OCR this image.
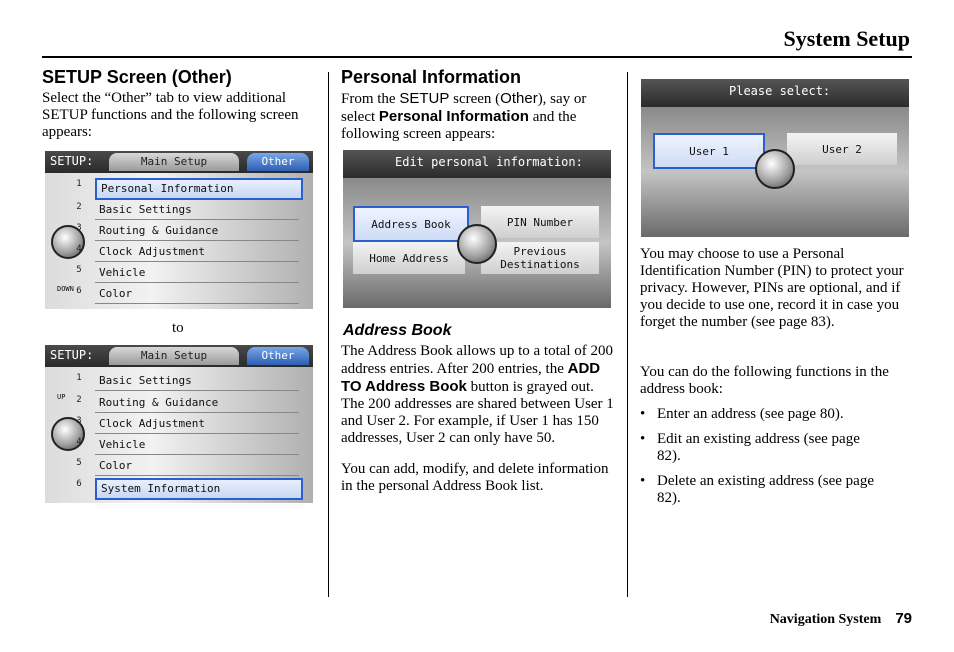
System Setup
SETUP Screen (Other)
Select the “Other” tab to view additional SETUP functions and the following screen appears:
SETUP:	Main Setup	Other
DOWN
1	Personal Information
2	Basic Settings
3	Routing & Guidance
4	Clock Adjustment
5	Vehicle
6	Color
to
SETUP:	Main Setup	Other
UP
1	Basic Settings
2	Routing & Guidance
3	Clock Adjustment
4	Vehicle
5	Color
6	System Information
Personal Information
From the SETUP screen (Other), say or select Personal Information and the following screen appears:
Edit personal information:
Address Book	PIN Number
Home Address	Previous Destinations
Address Book
The Address Book allows up to a total of 200 address entries. After 200 entries, the ADD TO Address Book button is grayed out. The 200 addresses are shared between User 1 and User 2. For example, if User 1 has 150 addresses, User 2 can only have 50.
You can add, modify, and delete information in the personal Address Book list.
Please select:
User 1	User 2
You may choose to use a Personal Identification Number (PIN) to protect your privacy. However, PINs are optional, and if you decide to use one, record it in case you forget the number (see page 83).
You can do the following functions in the address book:
• Enter an address (see page 80).
• Edit an existing address (see page 82).
• Delete an existing address (see page 82).
Navigation System 79
